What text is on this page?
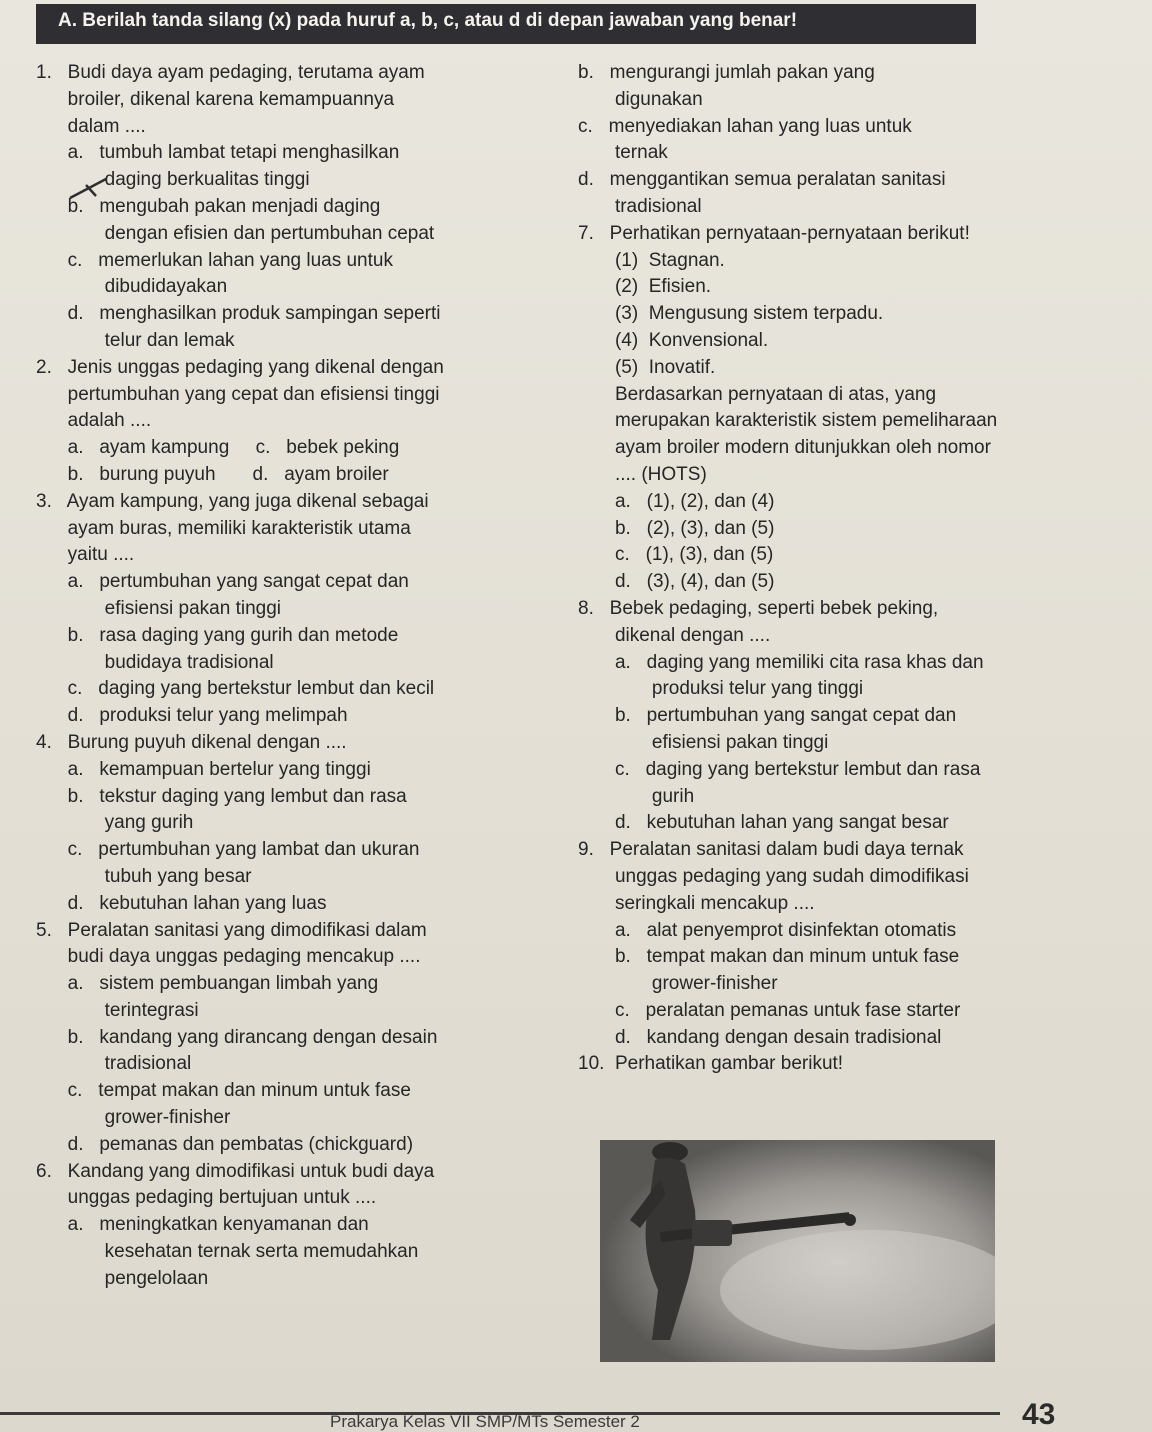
A. Berilah tanda silang (x) pada huruf a, b, c, atau d di depan jawaban yang benar!
1.   Budi daya ayam pedaging, terutama ayam
broiler, dikenal karena kemampuannya
dalam ....
a.   tumbuh lambat tetapi menghasilkan
daging berkualitas tinggi
b.   mengubah pakan menjadi daging
dengan efisien dan pertumbuhan cepat
c.   memerlukan lahan yang luas untuk
dibudidayakan
d.   menghasilkan produk sampingan seperti
telur dan lemak
2.   Jenis unggas pedaging yang dikenal dengan
pertumbuhan yang cepat dan efisiensi tinggi
adalah ....
a.   ayam kampung     c.   bebek peking
b.   burung puyuh       d.   ayam broiler
3.   Ayam kampung, yang juga dikenal sebagai
ayam buras, memiliki karakteristik utama
yaitu ....
a.   pertumbuhan yang sangat cepat dan
efisiensi pakan tinggi
b.   rasa daging yang gurih dan metode
budidaya tradisional
c.   daging yang bertekstur lembut dan kecil
d.   produksi telur yang melimpah
4.   Burung puyuh dikenal dengan ....
a.   kemampuan bertelur yang tinggi
b.   tekstur daging yang lembut dan rasa
yang gurih
c.   pertumbuhan yang lambat dan ukuran
tubuh yang besar
d.   kebutuhan lahan yang luas
5.   Peralatan sanitasi yang dimodifikasi dalam
budi daya unggas pedaging mencakup ....
a.   sistem pembuangan limbah yang
terintegrasi
b.   kandang yang dirancang dengan desain
tradisional
c.   tempat makan dan minum untuk fase
grower-finisher
d.   pemanas dan pembatas (chickguard)
6.   Kandang yang dimodifikasi untuk budi daya
unggas pedaging bertujuan untuk ....
a.   meningkatkan kenyamanan dan
kesehatan ternak serta memudahkan
pengelolaan
b.   mengurangi jumlah pakan yang
digunakan
c.   menyediakan lahan yang luas untuk
ternak
d.   menggantikan semua peralatan sanitasi
tradisional
7.   Perhatikan pernyataan-pernyataan berikut!
(1)  Stagnan.
(2)  Efisien.
(3)  Mengusung sistem terpadu.
(4)  Konvensional.
(5)  Inovatif.
Berdasarkan pernyataan di atas, yang
merupakan karakteristik sistem pemeliharaan
ayam broiler modern ditunjukkan oleh nomor
.... (HOTS)
a.   (1), (2), dan (4)
b.   (2), (3), dan (5)
c.   (1), (3), dan (5)
d.   (3), (4), dan (5)
8.   Bebek pedaging, seperti bebek peking,
dikenal dengan ....
a.   daging yang memiliki cita rasa khas dan
produksi telur yang tinggi
b.   pertumbuhan yang sangat cepat dan
efisiensi pakan tinggi
c.   daging yang bertekstur lembut dan rasa
gurih
d.   kebutuhan lahan yang sangat besar
9.   Peralatan sanitasi dalam budi daya ternak
unggas pedaging yang sudah dimodifikasi
seringkali mencakup ....
a.   alat penyemprot disinfektan otomatis
b.   tempat makan dan minum untuk fase
grower-finisher
c.   peralatan pemanas untuk fase starter
d.   kandang dengan desain tradisional
10.  Perhatikan gambar berikut!
Prakarya Kelas VII SMP/MTs Semester 2	43
